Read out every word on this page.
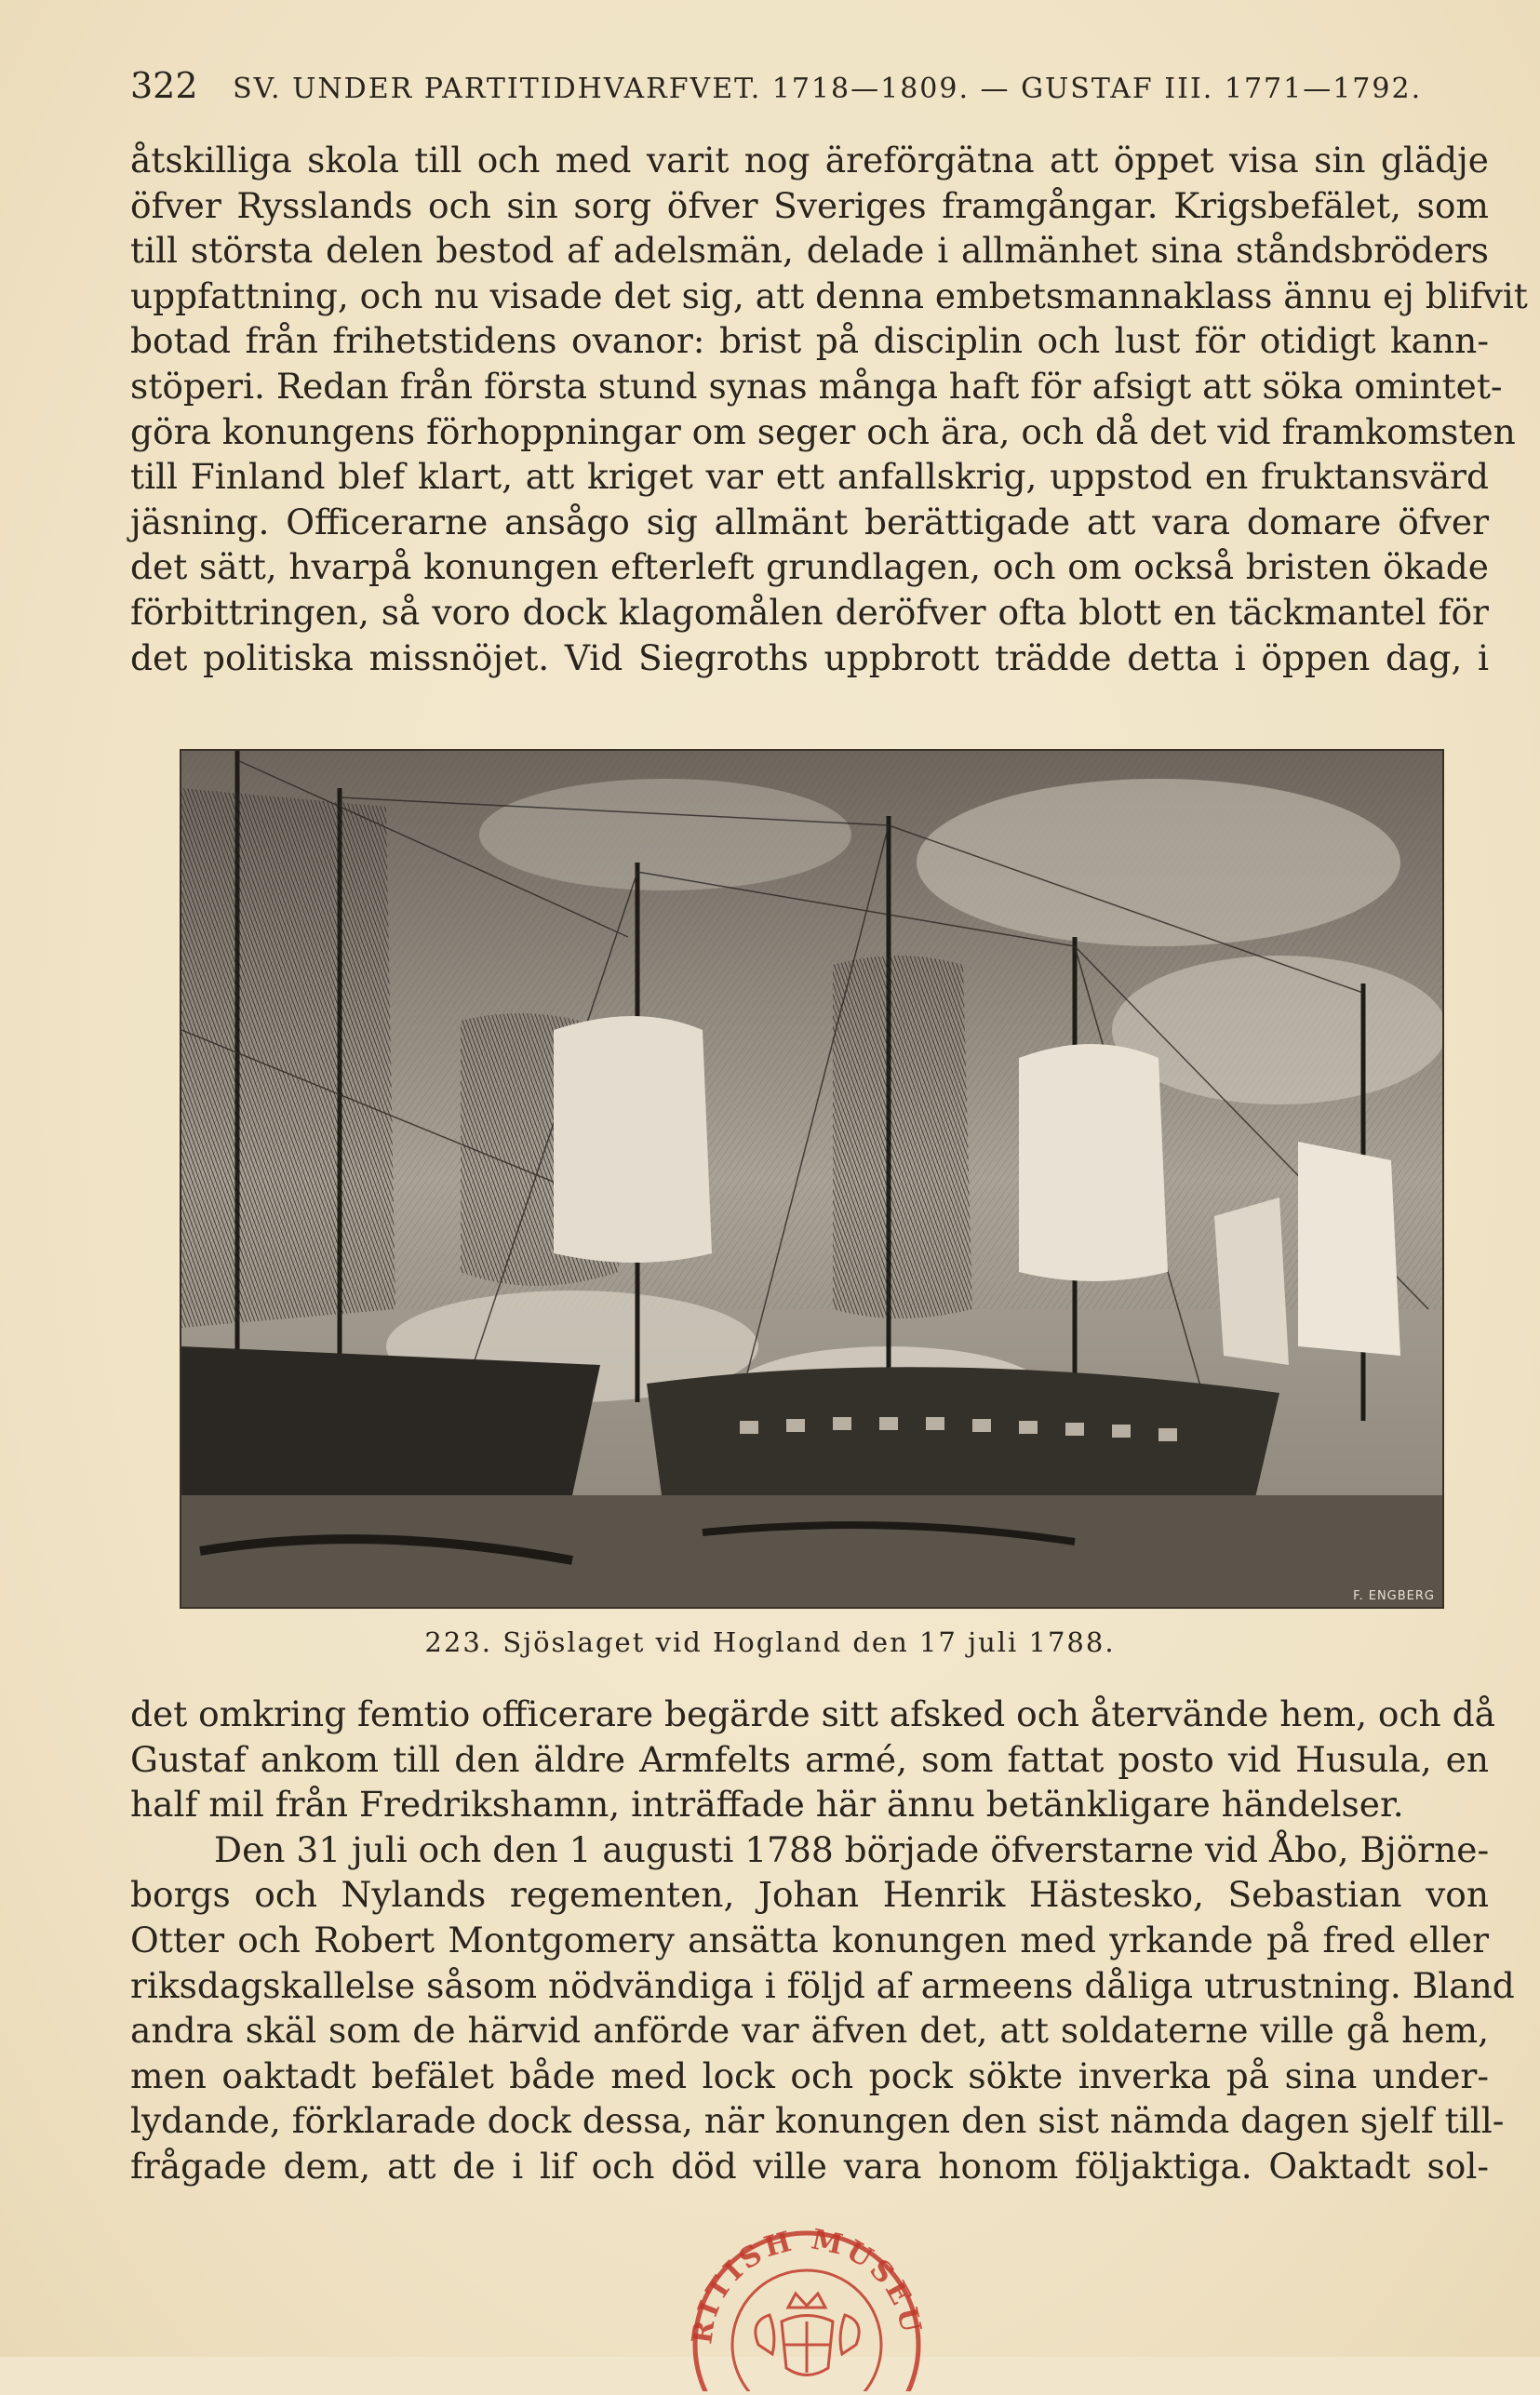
322 SV. UNDER PARTITIDHVARFVET. 1718—1809. — GUSTAF III. 1771—1792.

åtskilliga skola till och med varit nog äreförgätna att öppet visa sin glädje
öfver Rysslands och sin sorg öfver Sveriges framgångar. Krigsbefälet, som
till största delen bestod af adelsmän, delade i allmänhet sina ståndsbröders
uppfattning, och nu visade det sig, att denna embetsmannaklass ännu ej blifvit
botad från frihetstidens ovanor: brist på disciplin och lust för otidigt kann-
stöperi. Redan från första stund synas många haft för afsigt att söka omintet-
göra konungens förhoppningar om seger och ära, och då det vid framkomsten
till Finland blef klart, att kriget var ett anfallskrig, uppstod en fruktansvärd
jäsning. Officerarne ansågo sig allmänt berättigade att vara domare öfver
det sätt, hvarpå konungen efterleft grundlagen, och om också bristen ökade
förbittringen, så voro dock klagomålen deröfver ofta blott en täckmantel för
det politiska missnöjet. Vid Siegroths uppbrott trädde detta i öppen dag, i

F. ENGBERG
223. Sjöslaget vid Hogland den 17 juli 1788.

det omkring femtio officerare begärde sitt afsked och återvände hem, och då
Gustaf ankom till den äldre Armfelts armé, som fattat posto vid Husula, en
half mil från Fredrikshamn, inträffade här ännu betänkligare händelser.

Den 31 juli och den 1 augusti 1788 började öfverstarne vid Åbo, Björne-
borgs och Nylands regementen, Johan Henrik Hästesko, Sebastian von
Otter och Robert Montgomery ansätta konungen med yrkande på fred eller
riksdagskallelse såsom nödvändiga i följd af armeens dåliga utrustning. Bland
andra skäl som de härvid anförde var äfven det, att soldaterne ville gå hem,
men oaktadt befälet både med lock och pock sökte inverka på sina under-
lydande, förklarade dock dessa, när konungen den sist nämda dagen sjelf till-
frågade dem, att de i lif och död ville vara honom följaktiga. Oaktadt sol-

RITISH MUSEU
